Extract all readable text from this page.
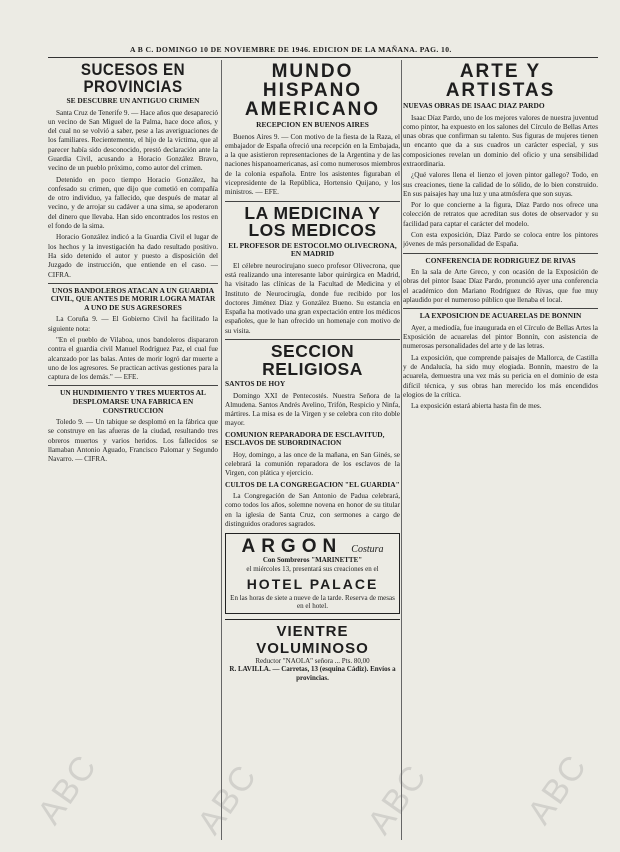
A B C. DOMINGO 10 DE NOVIEMBRE DE 1946. EDICION DE LA MAÑANA. PAG. 10.
SUCESOS EN PROVINCIAS
SE DESCUBRE UN ANTIGUO CRIMEN

Santa Cruz de Tenerife 9. — Hace años que desapareció un vecino de San Miguel de la Palma, hace doce años, y del cual no se volvió a saber, pese a las averiguaciones de los familiares. Recientemente, el hijo de la víctima, que al parecer había sido desconocido, prestó declaración ante la Guardia Civil, acusando a Horacio González Bravo, vecino de un pueblo próximo, como autor del crimen.

Detenido en poco tiempo Horacio González, ha confesado su crimen, que dijo que cometió en compañía de otro individuo, ya fallecido, que después de matar al vecino, y de arrojar su cadáver a una sima, se apoderaron del dinero que llevaba. Han sido encontrados los restos en el fondo de la sima.

Horacio González indicó a la Guardia Civil el lugar de los hechos y la investigación ha dado resultado positivo. Ha sido detenido el autor y puesto a disposición del Juzgado de instrucción, que entiende en el caso. — CIFRA.

UNOS BANDOLEROS ATACAN A UN GUARDIA CIVIL, QUE ANTES DE MORIR LOGRA MATAR A UNO DE SUS AGRESORES

La Coruña 9. — El Gobierno Civil ha facilitado la siguiente nota:

"En el pueblo de Vilaboa, unos bandoleros dispararon contra el guardia civil Manuel Rodríguez Paz, el cual fue alcanzado por las balas. Antes de morir logró dar muerte a uno de los agresores. Se practican activas gestiones para la captura de los demás." — EFE.

UN HUNDIMIENTO Y TRES MUERTOS AL DESPLOMARSE UNA FABRICA EN CONSTRUCCION

Toledo 9. — Un tabique se desplomó en la fábrica que se construye en las afueras de la ciudad, resultando tres obreros muertos y varios heridos. Los fallecidos se llamaban Antonio Aguado, Francisco Palomar y Segundo Navarro. — CIFRA.

MUNDO HISPANO AMERICANO
RECEPCION EN BUENOS AIRES

Buenos Aires 9. — Con motivo de la fiesta de la Raza, el embajador de España ofreció una recepción en la Embajada, a la que asistieron representaciones de la Argentina y de las naciones hispanoamericanas, así como numerosos miembros de la colonia española. Entre los asistentes figuraban el vicepresidente de la República, Hortensio Quijano, y los ministros. — EFE.

LA MEDICINA Y LOS MEDICOS
EL PROFESOR DE ESTOCOLMO OLIVECRONA, EN MADRID

El célebre neurocirujano sueco profesor Olivecrona, que está realizando una interesante labor quirúrgica en Madrid, ha visitado las clínicas de la Facultad de Medicina y el Instituto de Neurocirugía, donde fue recibido por los doctores Jiménez Díaz y González Bueno. Su estancia en España ha motivado una gran expectación entre los médicos españoles, que le han ofrecido un homenaje con motivo de su visita.

SECCION RELIGIOSA
SANTOS DE HOY

Domingo XXI de Pentecostés. Nuestra Señora de la Almudena. Santos Andrés Avelino, Trifón, Respicio y Ninfa, mártires. La misa es de la Virgen y se celebra con rito doble mayor.

COMUNION REPARADORA DE ESCLAVITUD, ESCLAVOS DE SUBORDINACION

Hoy, domingo, a las once de la mañana, en San Ginés, se celebrará la comunión reparadora de los esclavos de la Virgen, con plática y ejercicio.

CULTOS DE LA CONGREGACION "EL GUARDIA"

La Congregación de San Antonio de Padua celebrará, como todos los años, solemne novena en honor de su titular en la iglesia de Santa Cruz, con sermones a cargo de distinguidos oradores sagrados.

ARGON Costura
Con Sombreros "MARINETTE"
el miércoles 13, presentará sus creaciones en el
HOTEL PALACE
En las horas de siete a nueve de la tarde. Reserva de mesas en el hotel.
VIENTRE VOLUMINOSO
Reductor "NAOLA" señora ... Pts. 80,00
R. LAVILLA. — Carretas, 13 (esquina Cádiz). Envíos a provincias.
ARTE Y ARTISTAS
NUEVAS OBRAS DE ISAAC DIAZ PARDO

Isaac Díaz Pardo, uno de los mejores valores de nuestra juventud como pintor, ha expuesto en los salones del Círculo de Bellas Artes unas obras que confirman su talento. Sus figuras de mujeres tienen un encanto que da a sus cuadros un carácter especial, y sus composiciones revelan un dominio del oficio y una sensibilidad extraordinaria.

¿Qué valores llena el lienzo el joven pintor gallego? Todo, en sus creaciones, tiene la calidad de lo sólido, de lo bien construido. En sus paisajes hay una luz y una atmósfera que son suyas.

Por lo que concierne a la figura, Díaz Pardo nos ofrece una colección de retratos que acreditan sus dotes de observador y su facilidad para captar el carácter del modelo.

Con esta exposición, Díaz Pardo se coloca entre los pintores jóvenes de más personalidad de España.

CONFERENCIA DE RODRIGUEZ DE RIVAS

En la sala de Arte Greco, y con ocasión de la Exposición de obras del pintor Isaac Díaz Pardo, pronunció ayer una conferencia el académico don Mariano Rodríguez de Rivas, que fue muy aplaudido por el numeroso público que llenaba el local.

LA EXPOSICION DE ACUARELAS DE BONNIN

Ayer, a mediodía, fue inaugurada en el Círculo de Bellas Artes la Exposición de acuarelas del pintor Bonnín, con asistencia de numerosas personalidades del arte y de las letras.

La exposición, que comprende paisajes de Mallorca, de Castilla y de Andalucía, ha sido muy elogiada. Bonnín, maestro de la acuarela, demuestra una vez más su pericia en el dominio de esta difícil técnica, y sus obras han merecido los más encendidos elogios de la crítica.

La exposición estará abierta hasta fin de mes.

ABC	ABC	ABC	ABC
